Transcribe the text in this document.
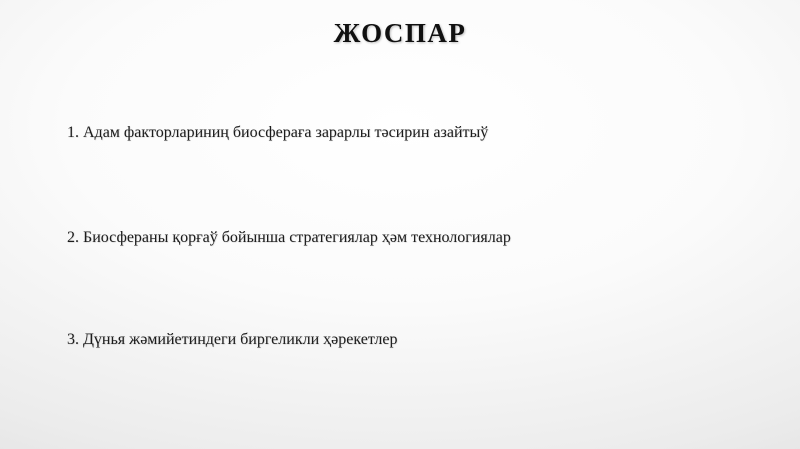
ЖОСПАР
1. Адам факторлариниң биосфераға зарарлы тәсирин азайтыў
2. Биосфераны қорғаў бойынша стратегиялар ҳәм технологиялар
3. Дүнья жәмийетиндеги биргеликли ҳәрекетлер
